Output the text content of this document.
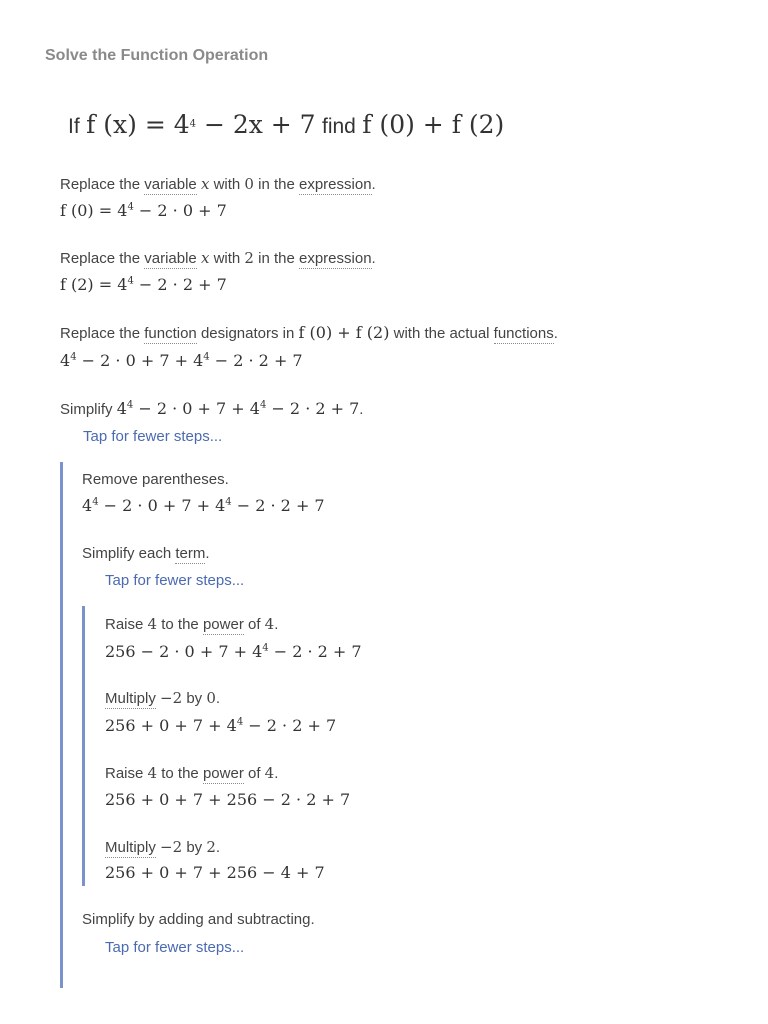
Solve the Function Operation
If f $(x) = 4^4 - 2x + 7$ find f (0) + f (2)
Replace the variable x with 0 in the expression.
f $(0) = 4^4 - 2 \cdot 0 + 7$
Replace the variable x with 2 in the expression.
f $(2) = 4^4 - 2 \cdot 2 + 7$
Replace the function designators in f (0) + f (2) with the actual functions.
$4^4 - 2 \cdot 0 + 7 + 4^4 - 2 \cdot 2 + 7$
Simplify $4^4 - 2 \cdot 0 + 7 + 4^4 - 2 \cdot 2 + 7$.
Tap for fewer steps...
Remove parentheses.
$4^4 - 2 \cdot 0 + 7 + 4^4 - 2 \cdot 2 + 7$
Simplify each term.
Tap for fewer steps...
Raise 4 to the power of 4.
$256 - 2 \cdot 0 + 7 + 4^4 - 2 \cdot 2 + 7$
Multiply −2 by 0.
$256 + 0 + 7 + 4^4 - 2 \cdot 2 + 7$
Raise 4 to the power of 4.
256 + 0 + 7 + 256 − 2 · 2 + 7
Multiply −2 by 2.
256 + 0 + 7 + 256 − 4 + 7
Simplify by adding and subtracting.
Tap for fewer steps...
